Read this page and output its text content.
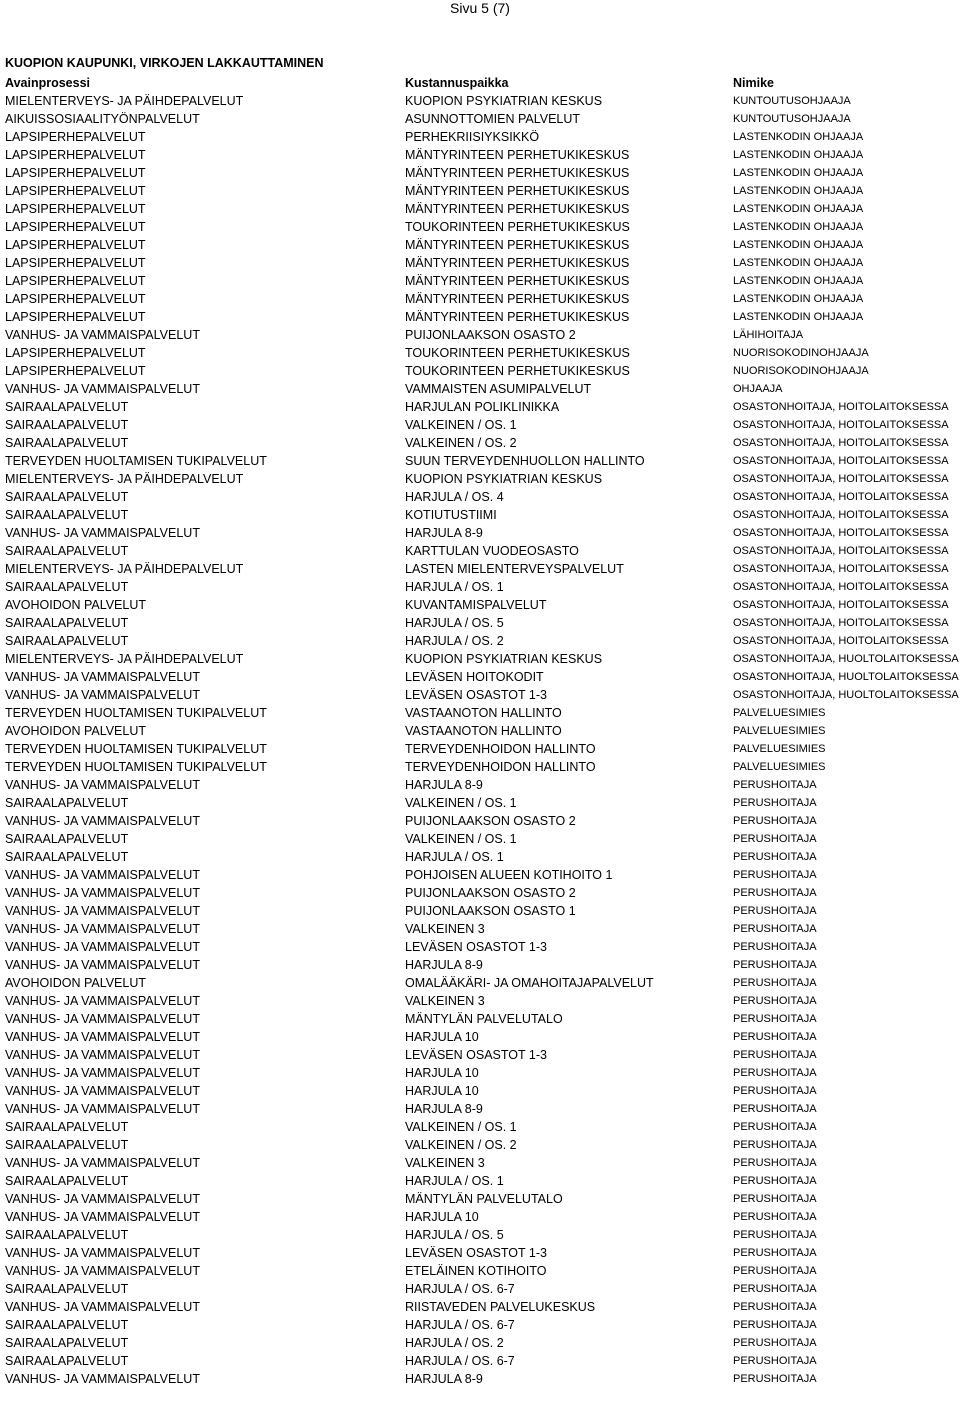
Sivu 5 (7)
KUOPION KAUPUNKI, VIRKOJEN LAKKAUTTAMINEN
Avainprosessi	Kustannuspaikka	Nimike
MIELENTERVEYS- JA PÄIHDEPALVELUT	KUOPION PSYKIATRIAN KESKUS	KUNTOUTUSOHJAAJA
AIKUISSOSIAALITYÖNPALVELUT	ASUNNOTTOMIEN PALVELUT	KUNTOUTUSOHJAAJA
LAPSIPERHEPALVELUT	PERHEKRIISIYKSIKKÖ	LASTENKODIN OHJAAJA
LAPSIPERHEPALVELUT	MÄNTYRINTEEN PERHETUKIKESKUS	LASTENKODIN OHJAAJA
LAPSIPERHEPALVELUT	MÄNTYRINTEEN PERHETUKIKESKUS	LASTENKODIN OHJAAJA
LAPSIPERHEPALVELUT	MÄNTYRINTEEN PERHETUKIKESKUS	LASTENKODIN OHJAAJA
LAPSIPERHEPALVELUT	MÄNTYRINTEEN PERHETUKIKESKUS	LASTENKODIN OHJAAJA
LAPSIPERHEPALVELUT	TOUKORINTEEN PERHETUKIKESKUS	LASTENKODIN OHJAAJA
LAPSIPERHEPALVELUT	MÄNTYRINTEEN PERHETUKIKESKUS	LASTENKODIN OHJAAJA
LAPSIPERHEPALVELUT	MÄNTYRINTEEN PERHETUKIKESKUS	LASTENKODIN OHJAAJA
LAPSIPERHEPALVELUT	MÄNTYRINTEEN PERHETUKIKESKUS	LASTENKODIN OHJAAJA
LAPSIPERHEPALVELUT	MÄNTYRINTEEN PERHETUKIKESKUS	LASTENKODIN OHJAAJA
LAPSIPERHEPALVELUT	MÄNTYRINTEEN PERHETUKIKESKUS	LASTENKODIN OHJAAJA
VANHUS- JA VAMMAISPALVELUT	PUIJONLAAKSON OSASTO 2	LÄHIHOITAJA
LAPSIPERHEPALVELUT	TOUKORINTEEN PERHETUKIKESKUS	NUORISOKODINOHJAAJA
LAPSIPERHEPALVELUT	TOUKORINTEEN PERHETUKIKESKUS	NUORISOKODINOHJAAJA
VANHUS- JA VAMMAISPALVELUT	VAMMAISTEN ASUMIPALVELUT	OHJAAJA
SAIRAALAPALVELUT	HARJULAN POLIKLINIKKA	OSASTONHOITAJA, HOITOLAITOKSESSA
SAIRAALAPALVELUT	VALKEINEN / OS. 1	OSASTONHOITAJA, HOITOLAITOKSESSA
SAIRAALAPALVELUT	VALKEINEN / OS. 2	OSASTONHOITAJA, HOITOLAITOKSESSA
TERVEYDEN HUOLTAMISEN TUKIPALVELUT	SUUN TERVEYDENHUOLLON HALLINTO	OSASTONHOITAJA, HOITOLAITOKSESSA
MIELENTERVEYS- JA PÄIHDEPALVELUT	KUOPION PSYKIATRIAN KESKUS	OSASTONHOITAJA, HOITOLAITOKSESSA
SAIRAALAPALVELUT	HARJULA / OS. 4	OSASTONHOITAJA, HOITOLAITOKSESSA
SAIRAALAPALVELUT	KOTIUTUSTIIMI	OSASTONHOITAJA, HOITOLAITOKSESSA
VANHUS- JA VAMMAISPALVELUT	HARJULA 8-9	OSASTONHOITAJA, HOITOLAITOKSESSA
SAIRAALAPALVELUT	KARTTULAN VUODEOSASTO	OSASTONHOITAJA, HOITOLAITOKSESSA
MIELENTERVEYS- JA PÄIHDEPALVELUT	LASTEN MIELENTERVEYSPALVELUT	OSASTONHOITAJA, HOITOLAITOKSESSA
SAIRAALAPALVELUT	HARJULA / OS. 1	OSASTONHOITAJA, HOITOLAITOKSESSA
AVOHOIDON PALVELUT	KUVANTAMISPALVELUT	OSASTONHOITAJA, HOITOLAITOKSESSA
SAIRAALAPALVELUT	HARJULA / OS. 5	OSASTONHOITAJA, HOITOLAITOKSESSA
SAIRAALAPALVELUT	HARJULA / OS. 2	OSASTONHOITAJA, HOITOLAITOKSESSA
MIELENTERVEYS- JA PÄIHDEPALVELUT	KUOPION PSYKIATRIAN KESKUS	OSASTONHOITAJA, HUOLTOLAITOKSESSA
VANHUS- JA VAMMAISPALVELUT	LEVÄSEN HOITOKODIT	OSASTONHOITAJA, HUOLTOLAITOKSESSA
VANHUS- JA VAMMAISPALVELUT	LEVÄSEN OSASTOT 1-3	OSASTONHOITAJA, HUOLTOLAITOKSESSA
TERVEYDEN HUOLTAMISEN TUKIPALVELUT	VASTAANOTON HALLINTO	PALVELUESIMIES
AVOHOIDON PALVELUT	VASTAANOTON HALLINTO	PALVELUESIMIES
TERVEYDEN HUOLTAMISEN TUKIPALVELUT	TERVEYDENHOIDON HALLINTO	PALVELUESIMIES
TERVEYDEN HUOLTAMISEN TUKIPALVELUT	TERVEYDENHOIDON HALLINTO	PALVELUESIMIES
VANHUS- JA VAMMAISPALVELUT	HARJULA 8-9	PERUSHOITAJA
SAIRAALAPALVELUT	VALKEINEN / OS. 1	PERUSHOITAJA
VANHUS- JA VAMMAISPALVELUT	PUIJONLAAKSON OSASTO 2	PERUSHOITAJA
SAIRAALAPALVELUT	VALKEINEN / OS. 1	PERUSHOITAJA
SAIRAALAPALVELUT	HARJULA / OS. 1	PERUSHOITAJA
VANHUS- JA VAMMAISPALVELUT	POHJOISEN ALUEEN KOTIHOITO 1	PERUSHOITAJA
VANHUS- JA VAMMAISPALVELUT	PUIJONLAAKSON OSASTO 2	PERUSHOITAJA
VANHUS- JA VAMMAISPALVELUT	PUIJONLAAKSON OSASTO 1	PERUSHOITAJA
VANHUS- JA VAMMAISPALVELUT	VALKEINEN 3	PERUSHOITAJA
VANHUS- JA VAMMAISPALVELUT	LEVÄSEN OSASTOT 1-3	PERUSHOITAJA
VANHUS- JA VAMMAISPALVELUT	HARJULA 8-9	PERUSHOITAJA
AVOHOIDON PALVELUT	OMALÄÄKÄRI- JA OMAHOITAJAPALVELUT	PERUSHOITAJA
VANHUS- JA VAMMAISPALVELUT	VALKEINEN 3	PERUSHOITAJA
VANHUS- JA VAMMAISPALVELUT	MÄNTYLÄN PALVELUTALO	PERUSHOITAJA
VANHUS- JA VAMMAISPALVELUT	HARJULA 10	PERUSHOITAJA
VANHUS- JA VAMMAISPALVELUT	LEVÄSEN OSASTOT 1-3	PERUSHOITAJA
VANHUS- JA VAMMAISPALVELUT	HARJULA 10	PERUSHOITAJA
VANHUS- JA VAMMAISPALVELUT	HARJULA 10	PERUSHOITAJA
VANHUS- JA VAMMAISPALVELUT	HARJULA 8-9	PERUSHOITAJA
SAIRAALAPALVELUT	VALKEINEN / OS. 1	PERUSHOITAJA
SAIRAALAPALVELUT	VALKEINEN / OS. 2	PERUSHOITAJA
VANHUS- JA VAMMAISPALVELUT	VALKEINEN 3	PERUSHOITAJA
SAIRAALAPALVELUT	HARJULA / OS. 1	PERUSHOITAJA
VANHUS- JA VAMMAISPALVELUT	MÄNTYLÄN PALVELUTALO	PERUSHOITAJA
VANHUS- JA VAMMAISPALVELUT	HARJULA 10	PERUSHOITAJA
SAIRAALAPALVELUT	HARJULA / OS. 5	PERUSHOITAJA
VANHUS- JA VAMMAISPALVELUT	LEVÄSEN OSASTOT 1-3	PERUSHOITAJA
VANHUS- JA VAMMAISPALVELUT	ETELÄINEN KOTIHOITO	PERUSHOITAJA
SAIRAALAPALVELUT	HARJULA / OS. 6-7	PERUSHOITAJA
VANHUS- JA VAMMAISPALVELUT	RIISTAVEDEN PALVELUKESKUS	PERUSHOITAJA
SAIRAALAPALVELUT	HARJULA / OS. 6-7	PERUSHOITAJA
SAIRAALAPALVELUT	HARJULA / OS. 2	PERUSHOITAJA
SAIRAALAPALVELUT	HARJULA / OS. 6-7	PERUSHOITAJA
VANHUS- JA VAMMAISPALVELUT	HARJULA 8-9	PERUSHOITAJA
